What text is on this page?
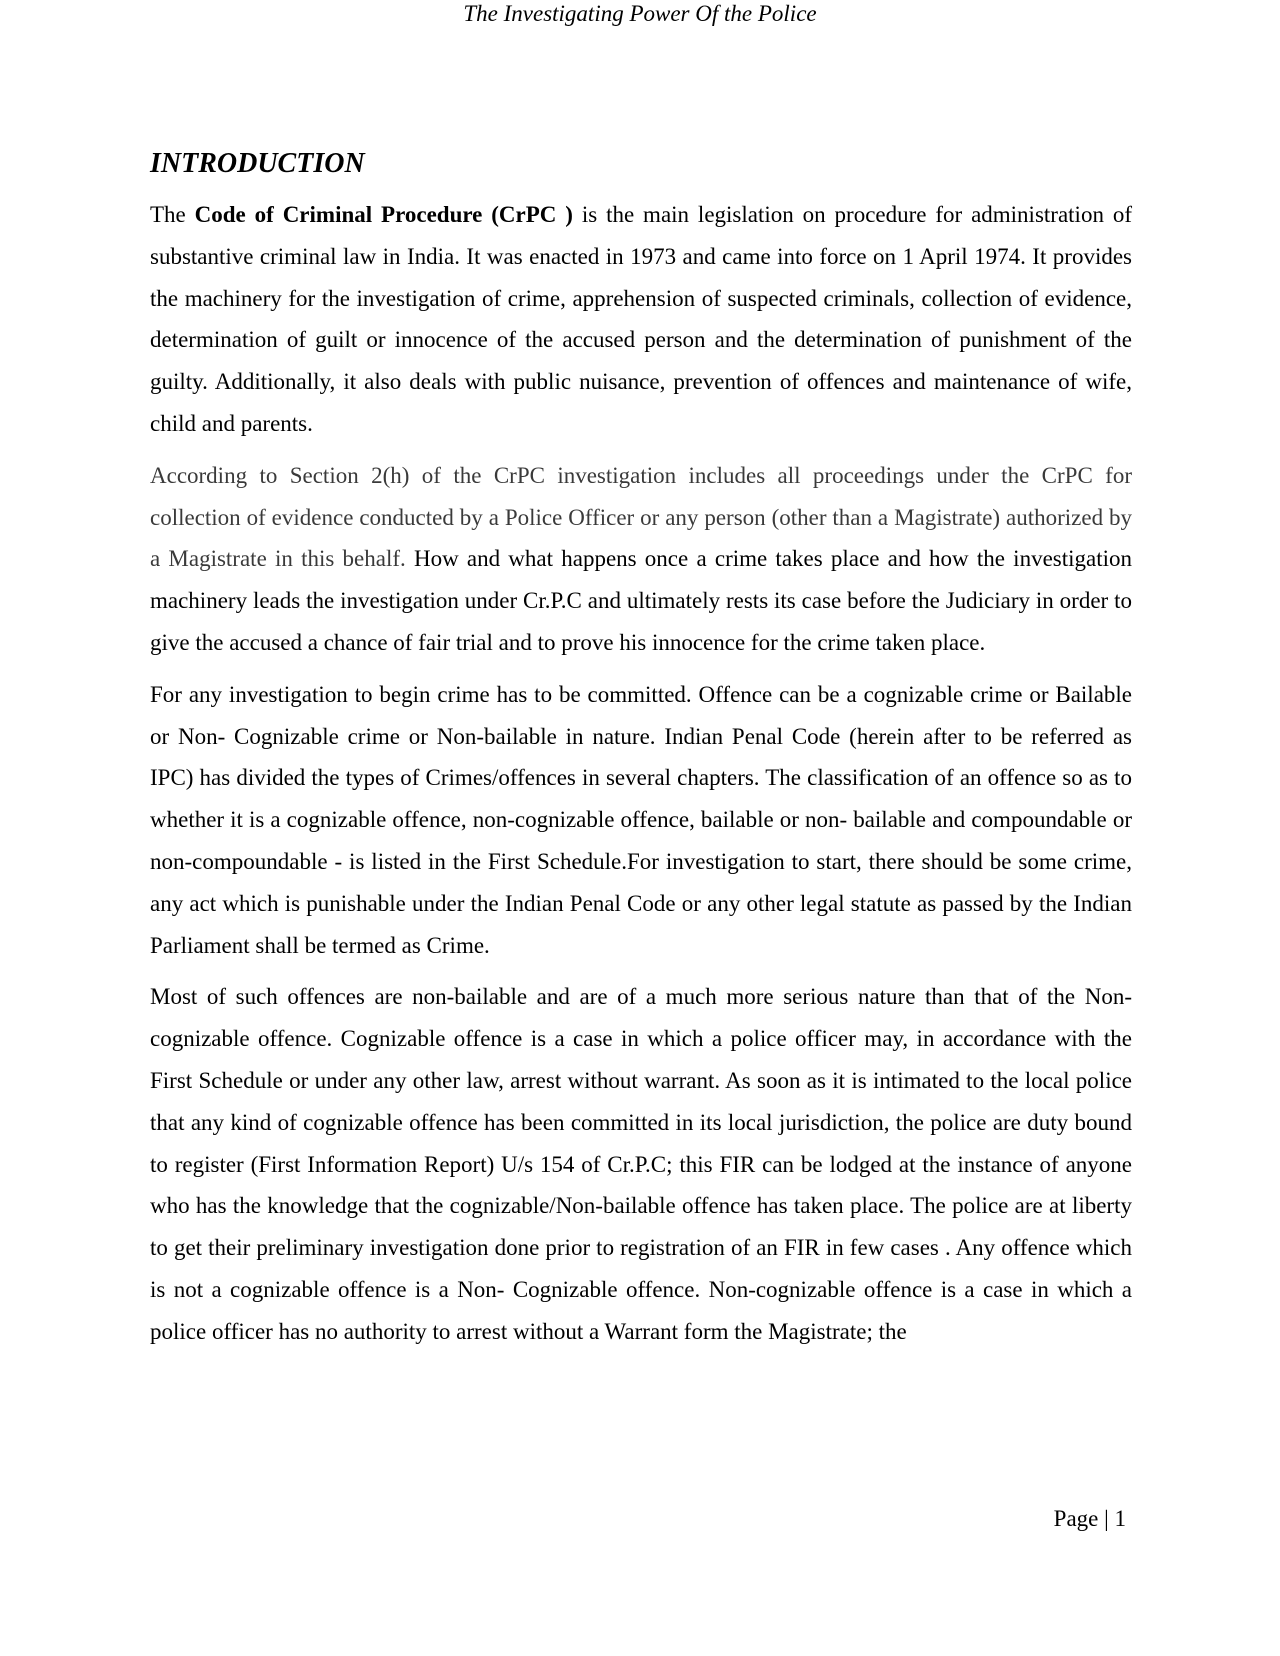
The Investigating Power Of the Police
INTRODUCTION

The Code of Criminal Procedure (CrPC ) is the main legislation on procedure for administration of substantive criminal law in India. It was enacted in 1973 and came into force on 1 April 1974. It provides the machinery for the investigation of crime, apprehension of suspected criminals, collection of evidence, determination of guilt or innocence of the accused person and the determination of punishment of the guilty. Additionally, it also deals with public nuisance, prevention of offences and maintenance of wife, child and parents.

According to Section 2(h) of the CrPC investigation includes all proceedings under the CrPC for collection of evidence conducted by a Police Officer or any person (other than a Magistrate) authorized by a Magistrate in this behalf. How and what happens once a crime takes place and how the investigation machinery leads the investigation under Cr.P.C and ultimately rests its case before the Judiciary in order to give the accused a chance of fair trial and to prove his innocence for the crime taken place.

For any investigation to begin crime has to be committed. Offence can be a cognizable crime or Bailable or Non- Cognizable crime or Non-bailable in nature. Indian Penal Code (herein after to be referred as IPC) has divided the types of Crimes/offences in several chapters. The classification of an offence so as to whether it is a cognizable offence, non-cognizable offence, bailable or non- bailable and compoundable or non-compoundable - is listed in the First Schedule.For investigation to start, there should be some crime, any act which is punishable under the Indian Penal Code or any other legal statute as passed by the Indian Parliament shall be termed as Crime.

Most of such offences are non-bailable and are of a much more serious nature than that of the Non-cognizable offence. Cognizable offence is a case in which a police officer may, in accordance with the First Schedule or under any other law, arrest without warrant. As soon as it is intimated to the local police that any kind of cognizable offence has been committed in its local jurisdiction, the police are duty bound to register (First Information Report) U/s 154 of Cr.P.C; this FIR can be lodged at the instance of anyone who has the knowledge that the cognizable/Non-bailable offence has taken place. The police are at liberty to get their preliminary investigation done prior to registration of an FIR in few cases . Any offence which is not a cognizable offence is a Non- Cognizable offence. Non-cognizable offence is a case in which a police officer has no authority to arrest without a Warrant form the Magistrate; the

Page | 1
